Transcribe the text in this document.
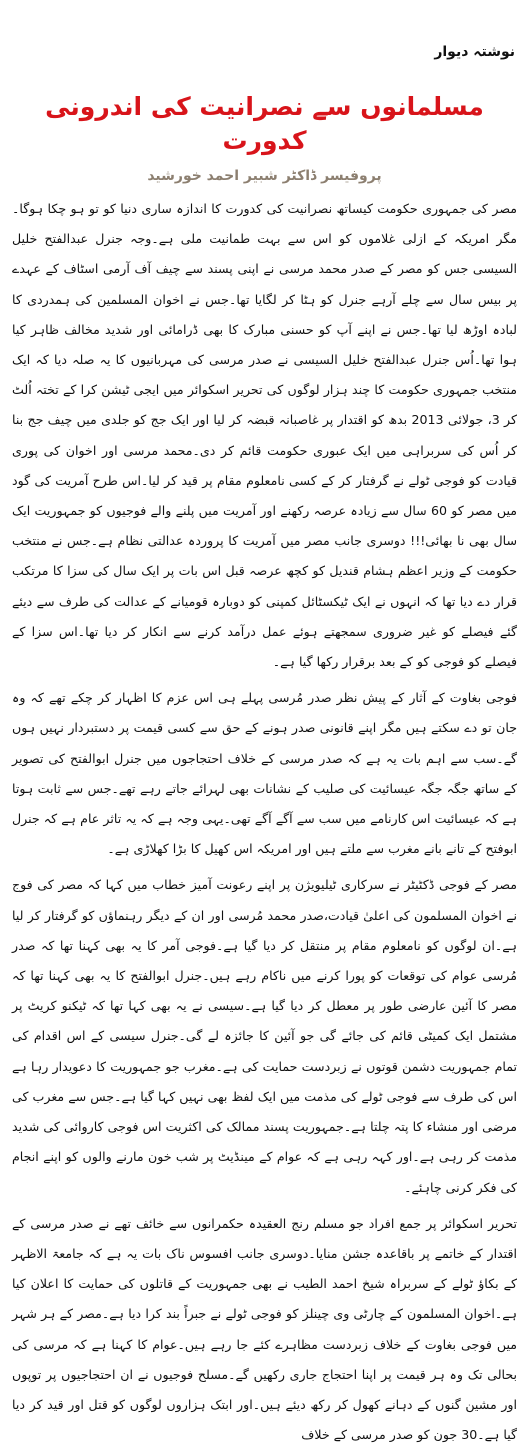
نوشتہ دیوار
مسلمانوں سے نصرانیت کی اندرونی کدورت
پروفیسر ڈاکٹر شبیر احمد خورشید

مصر کی جمہوری حکومت کیساتھ نصرانیت کی کدورت کا اندازہ ساری دنیا کو تو ہو چکا ہوگا۔مگر امریکہ کے ازلی غلاموں کو اس سے بہت طمانیت ملی ہے۔وجہ جنرل عبدالفتح خلیل السیسی جس کو مصر کے صدر محمد مرسی نے اپنی پسند سے چیف آف آرمی اسٹاف کے عہدے پر بیس سال سے چلے آرہے جنرل کو ہٹا کر لگایا تھا۔جس نے اخوان المسلمین کی ہمدردی کا لبادہ اوڑھ لیا تھا۔جس نے اپنے آپ کو حسنی مبارک کا بھی ڈرامائی اور شدید مخالف ظاہر کیا ہوا تھا۔اُس جنرل عبدالفتح خلیل السیسی نے صدر مرسی کی مہربانیوں کا یہ صلہ دیا کہ ایک منتخب جمہوری حکومت کا چند ہزار لوگوں کی تحریر اسکوائر میں ایجی ٹیشن کرا کے تختہ اُلٹ کر 3، جولائی 2013 بدھ کو اقتدار پر غاصبانہ قبضہ کر لیا اور ایک جج کو جلدی میں چیف جج بنا کر اُس کی سربراہی میں ایک عبوری حکومت قائم کر دی۔محمد مرسی اور اخوان کی پوری قیادت کو فوجی ٹولے نے گرفتار کر کے کسی نامعلوم مقام پر قید کر لیا۔اس طرح آمریت کی گود میں مصر کو 60 سال سے زیادہ عرصہ رکھنے اور آمریت میں پلنے والے فوجیوں کو جمہوریت ایک سال بھی نا بھائی!!! دوسری جانب مصر میں آمریت کا پروردہ عدالتی نظام ہے۔جس نے منتخب حکومت کے وزیر اعظم ہشام قندیل کو کچھ عرصہ قبل اس بات پر ایک سال کی سزا کا مرتکب قرار دے دیا تھا کہ انہوں نے ایک ٹیکسٹائل کمپنی کو دوبارہ قومیانے کے عدالت کی طرف سے دیئے گئے فیصلے کو غیر ضروری سمجھتے ہوئے عمل درآمد کرنے سے انکار کر دیا تھا۔اس سزا کے فیصلے کو فوجی کو کے بعد برقرار رکھا گیا ہے۔

فوجی بغاوت کے آثار کے پیش نظر صدر مُرسی پہلے ہی اس عزم کا اظہار کر چکے تھے کہ وہ جان تو دے سکتے ہیں مگر اپنے قانونی صدر ہونے کے حق سے کسی قیمت پر دستبردار نہیں ہوں گے۔سب سے اہم بات یہ ہے کہ صدر مرسی کے خلاف احتجاجوں میں جنرل ابوالفتح کی تصویر کے ساتھ جگہ جگہ عیسائیت کی صلیب کے نشانات بھی لہرائے جاتے رہے تھے۔جس سے ثابت ہوتا ہے کہ عیسائیت اس کارنامے میں سب سے آگے آگے تھی۔یہی وجہ ہے کہ یہ تاثر عام ہے کہ جنرل ابوفتح کے تانے بانے مغرب سے ملتے ہیں اور امریکہ اس کھیل کا بڑا کھلاڑی ہے۔

مصر کے فوجی ڈکٹیٹر نے سرکاری ٹیلیویژن پر اپنے رعونت آمیز خطاب میں کہا کہ مصر کی فوج نے اخوان المسلمون کی اعلیٰ قیادت،صدر محمد مُرسی اور ان کے دیگر رہنماؤں کو گرفتار کر لیا ہے۔ان لوگوں کو نامعلوم مقام پر منتقل کر دیا گیا ہے۔فوجی آمر کا یہ بھی کہنا تھا کہ صدر مُرسی عوام کی توقعات کو پورا کرنے میں ناکام رہے ہیں۔جنرل ابوالفتح کا یہ بھی کہنا تھا کہ مصر کا آئین عارضی طور پر معطل کر دیا گیا ہے۔سیسی نے یہ بھی کہا تھا کہ ٹیکنو کریٹ پر مشتمل ایک کمیٹی قائم کی جائے گی جو آئین کا جائزہ لے گی۔جنرل سیسی کے اس اقدام کی تمام جمہوریت دشمن قوتوں نے زبردست حمایت کی ہے۔مغرب جو جمہوریت کا دعویدار رہا ہے اس کی طرف سے فوجی ٹولے کی مذمت میں ایک لفظ بھی نہیں کہا گیا ہے۔جس سے مغرب کی مرضی اور منشاء کا پتہ چلتا ہے۔جمہوریت پسند ممالک کی اکثریت اس فوجی کاروائی کی شدید مذمت کر رہی ہے۔اور کہہ رہی ہے کہ عوام کے مینڈیٹ پر شب خون مارنے والوں کو اپنے انجام کی فکر کرنی چاہئے۔

تحریر اسکوائر پر جمع افراد جو مسلم رنج العقیدہ حکمرانوں سے خائف تھے نے صدر مرسی کے اقتدار کے خاتمے پر باقاعدہ جشن منایا۔دوسری جانب افسوس ناک بات یہ ہے کہ جامعۃ الاظہر کے بکاؤ ٹولے کے سربراہ شیخ احمد الطیب نے بھی جمہوریت کے قاتلوں کی حمایت کا اعلان کیا ہے۔اخوان المسلمون کے چارٹی وی چینلز کو فوجی ٹولے نے جبراً بند کرا دیا ہے۔مصر کے ہر شہر میں فوجی بغاوت کے خلاف زبردست مظاہرے کئے جا رہے ہیں۔عوام کا کہنا ہے کہ مرسی کی بحالی تک وہ ہر قیمت پر اپنا احتجاج جاری رکھیں گے۔مسلح فوجیوں نے ان احتجاجیوں پر توپوں اور مشین گنوں کے دہانے کھول کر رکھ دیئے ہیں۔اور ابتک ہزاروں لوگوں کو قتل اور قید کر دیا گیا ہے۔30 جون کو صدر مرسی کے خلاف
